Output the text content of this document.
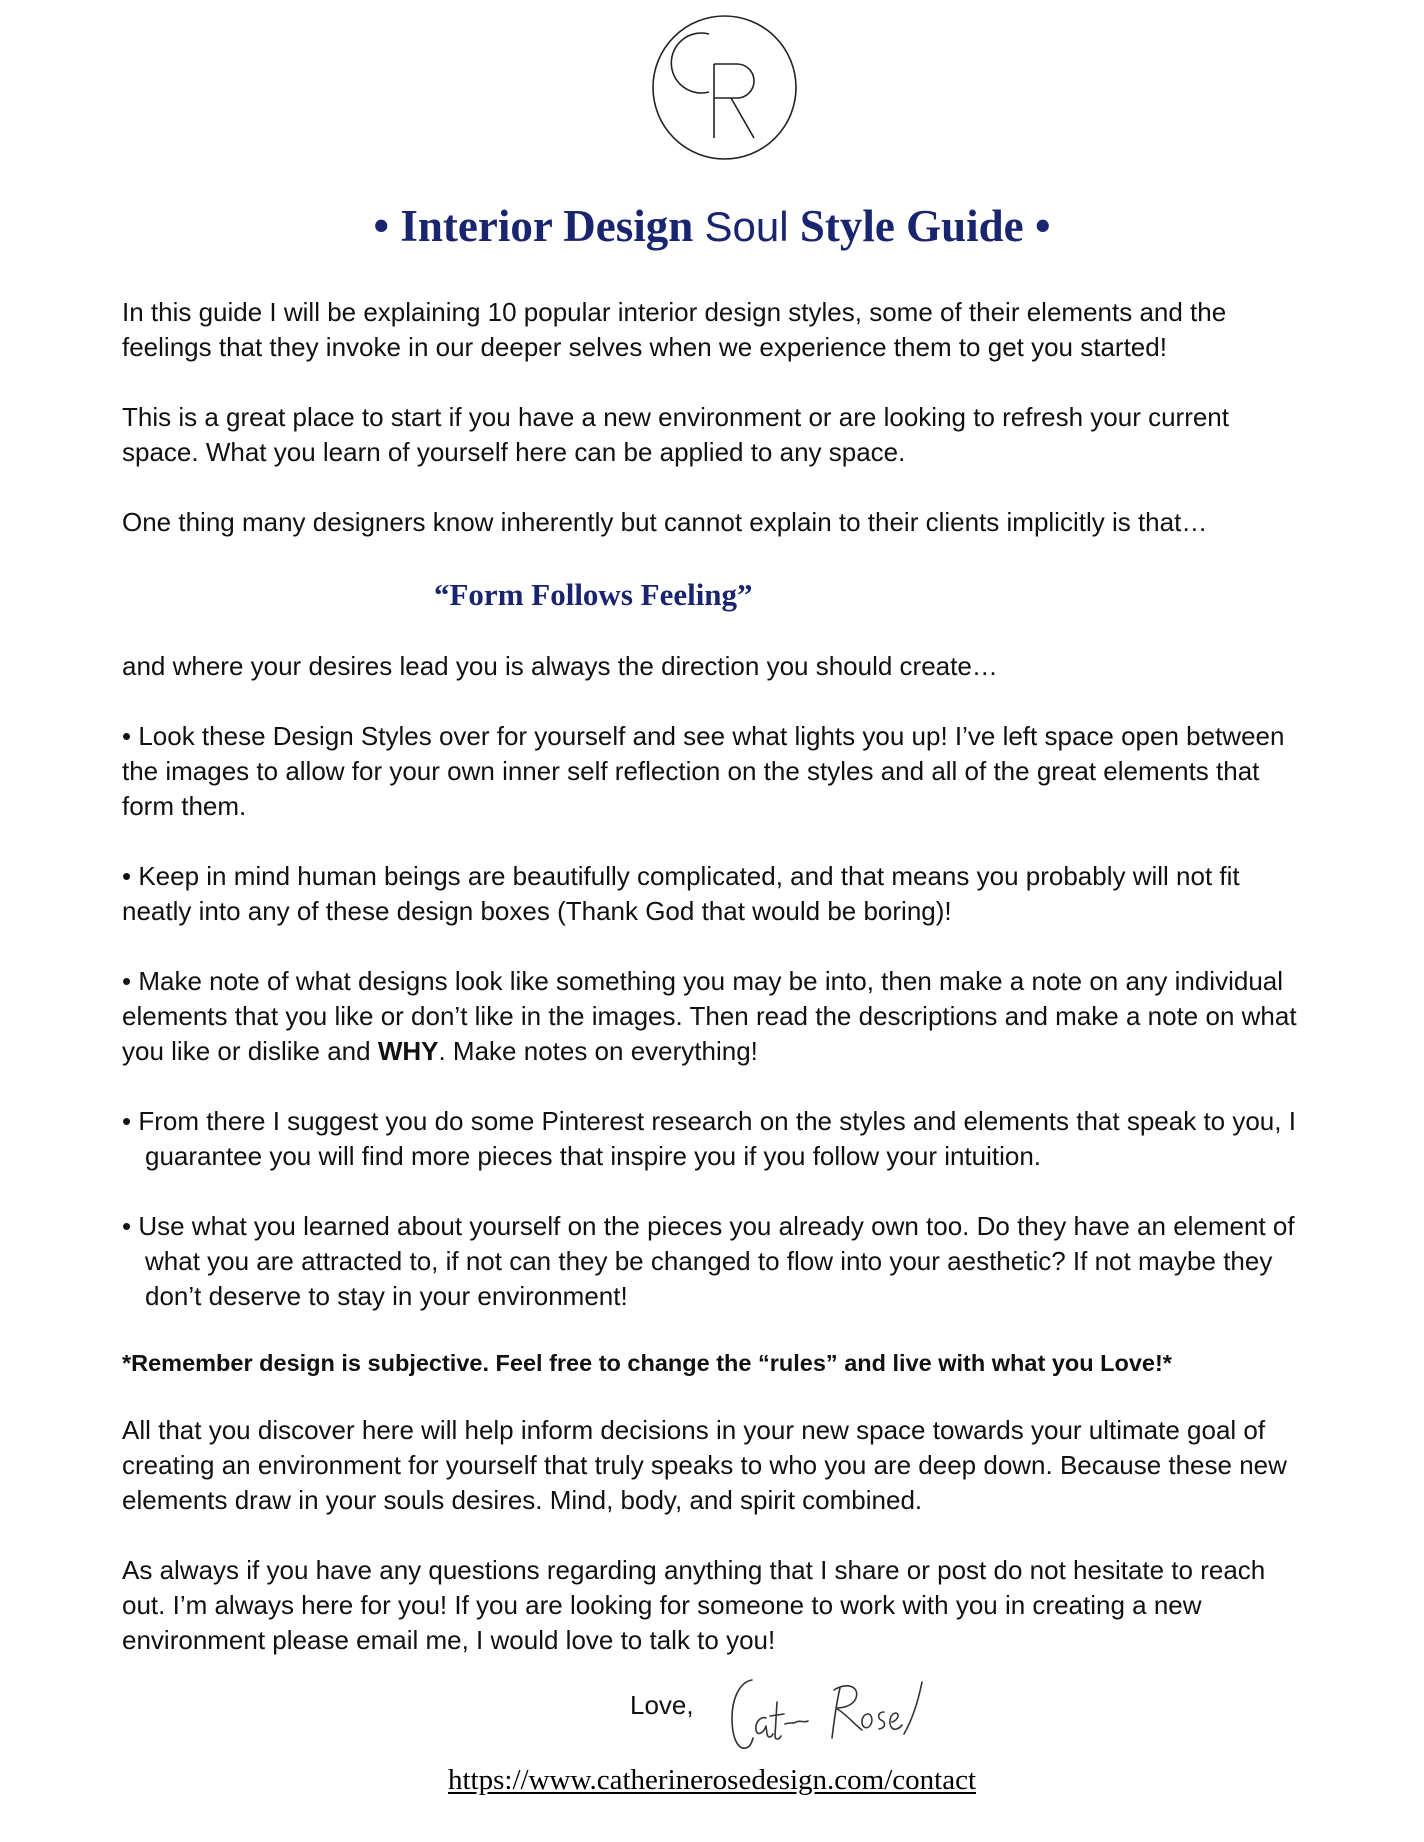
• Interior Design Soul Style Guide •

In this guide I will be explaining 10 popular interior design styles, some of their elements and the feelings that they invoke in our deeper selves when we experience them to get you started!

This is a great place to start if you have a new environment or are looking to refresh your current space. What you learn of yourself here can be applied to any space.

One thing many designers know inherently but cannot explain to their clients implicitly is that…

“Form Follows Feeling”

and where your desires lead you is always the direction you should create…

• Look these Design Styles over for yourself and see what lights you up! I’ve left space open between the images to allow for your own inner self reflection on the styles and all of the great elements that form them.

• Keep in mind human beings are beautifully complicated, and that means you probably will not fit neatly into any of these design boxes (Thank God that would be boring)!

• Make note of what designs look like something you may be into, then make a note on any individual elements that you like or don’t like in the images. Then read the descriptions and make a note on what you like or dislike and WHY. Make notes on everything!

• From there I suggest you do some Pinterest research on the styles and elements that speak to you, I guarantee you will find more pieces that inspire you if you follow your intuition.

• Use what you learned about yourself on the pieces you already own too. Do they have an element of what you are attracted to, if not can they be changed to flow into your aesthetic? If not maybe they don’t deserve to stay in your environment!

*Remember design is subjective. Feel free to change the “rules” and live with what you Love!*

All that you discover here will help inform decisions in your new space towards your ultimate goal of creating an environment for yourself that truly speaks to who you are deep down. Because these new elements draw in your souls desires. Mind, body, and spirit combined.

As always if you have any questions regarding anything that I share or post do not hesitate to reach out. I’m always here for you! If you are looking for someone to work with you in creating a new environment please email me, I would love to talk to you!

Love,
https://www.catherinerosedesign.com/contact
